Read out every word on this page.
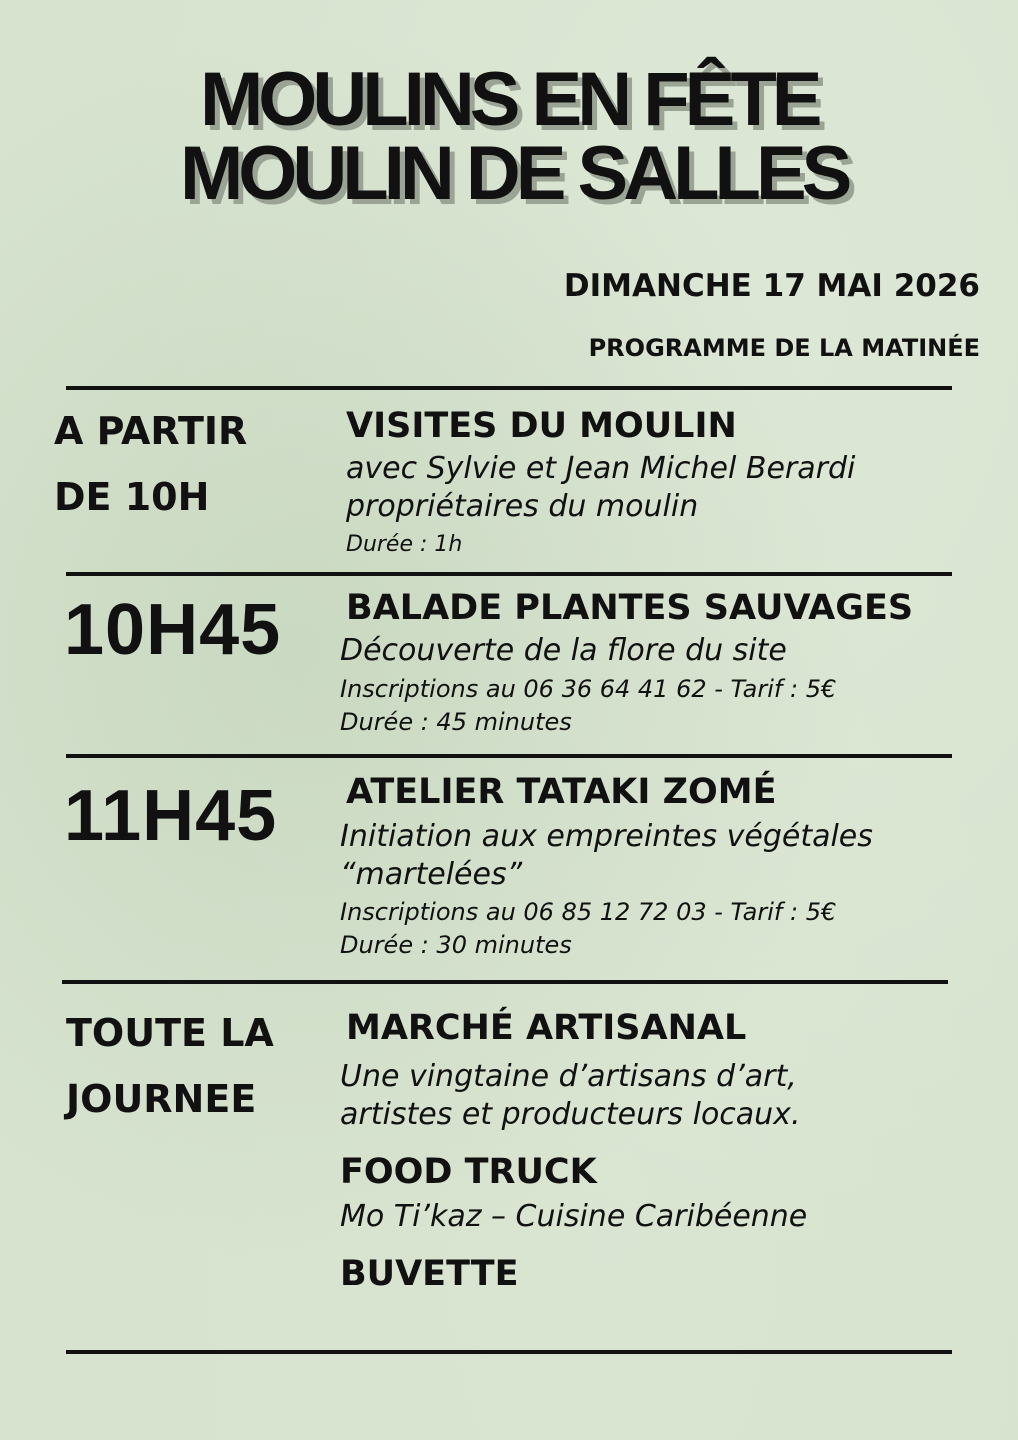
MOULINS EN FÊTE
MOULIN DE SALLES
DIMANCHE 17 MAI 2026
PROGRAMME DE LA MATINÉE
A PARTIR
DE 10H
VISITES DU MOULIN
avec Sylvie et Jean Michel Berardi
propriétaires du moulin
Durée : 1h
10H45 BALADE PLANTES SAUVAGES
Découverte de la flore du site
Inscriptions au 06 36 64 41 62 - Tarif : 5€
Durée : 45 minutes
11H45 ATELIER TATAKI ZOMÉ
Initiation aux empreintes végétales
“martelées”
Inscriptions au 06 85 12 72 03 - Tarif : 5€
Durée : 30 minutes
TOUTE LA
JOURNEE
MARCHÉ ARTISANAL
Une vingtaine d’artisans d’art,
artistes et producteurs locaux.
FOOD TRUCK
Mo Ti’kaz – Cuisine Caribéenne
BUVETTE
